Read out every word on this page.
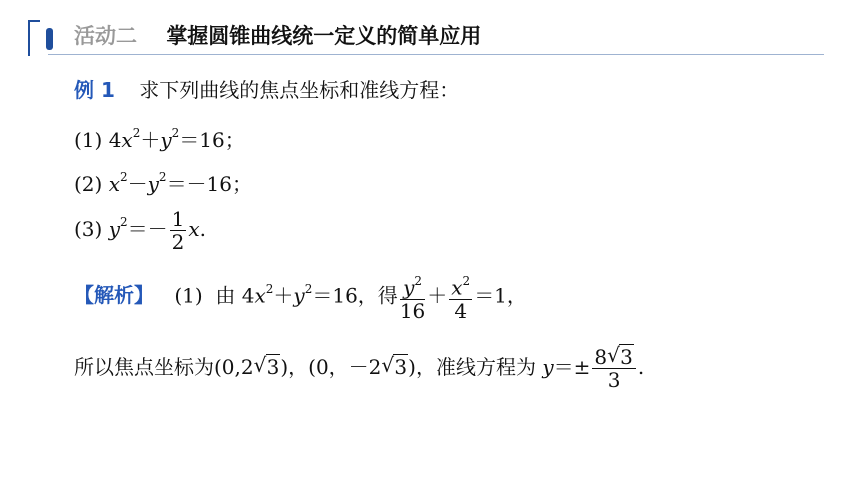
活动二 掌握圆锥曲线统一定义的简单应用
例 1 求下列曲线的焦点坐标和准线方程：
(1) $4x^2+y^2=16$；
(2) $x^2-y^2=-16$；
(3) $y^2=- \frac{1}{2} x$.
【解析】 (1)  由 $4x^2+y^2=16$，得 $\frac{y^2}{16} + \frac{x^2}{4} =1$，
所以焦点坐标为(0,2 √ 3)，(0，－2 √ 3)，准线方程为 $y=\pm \frac{8 √ 3}{3}$ .
